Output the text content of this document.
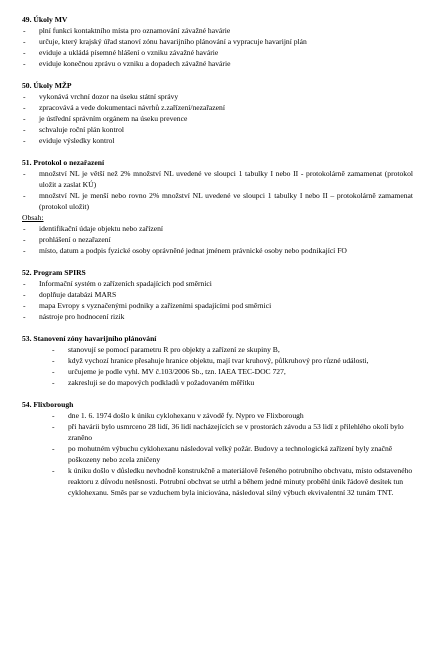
49. Úkoly MV
- plní funkci kontaktního místa pro oznamování závažné havárie
- určuje, který krajský úřad stanoví zónu havarijního plánování a vypracuje havarijní plán
- eviduje a ukládá písemné hlášení o vzniku závažné havárie
- eviduje konečnou zprávu o vzniku a dopadech závažné havárie
50. Úkoly MŽP
- vykonává vrchní dozor na úseku státní správy
- zpracovává a vede dokumentaci návrhů z.zařízení/nezařazení
- je ústřední správním orgánem na úseku prevence
- schvaluje roční plán kontrol
- eviduje výsledky kontrol
51. Protokol o nezařazení
- množství NL je větší než 2% množství NL uvedené ve sloupci 1 tabulky I nebo II - protokolárně zamamenat (protokol uložit a zaslat KÚ)
- množství NL je menší nebo rovno 2% množství NL uvedené ve sloupci 1 tabulky I nebo II – protokolárně zamamenat (protokol uložit)
Obsah:
- identifikační údaje objektu nebo zařízení
- prohlášení o nezařazení
- místo, datum a podpis fyzické osoby oprávněné jednat jménem právnické osoby nebo podnikající FO
52. Program SPIRS
- Informační systém o zařízeních spadajících pod směrnici
- doplňuje databázi MARS
- mapa Evropy s vyznačenými podniky a zařízeními spadajícími pod směrnici
- nástroje pro hodnocení rizik
53. Stanovení zóny havarijního plánování
- stanovují se pomocí parametru R pro objekty a zařízení ze skupiny B,
- když vychozí hranice přesahuje hranice objektu, mají tvar kruhový, půlkruhový pro různé události,
- určujeme je podle vyhl. MV č.103/2006 Sb., tzn. IAEA TEC-DOC 727,
- zakresluji se do mapových podkladů v požadovaném měřítku
54. Flixborough
- dne 1. 6. 1974 došlo k úniku cyklohexanu v závodě fy. Nypro ve Flixborough
- při havárii bylo usmrceno 28 lidí, 36 lidí nacházejících se v prostorách závodu a 53 lidí z přilehlého okolí bylo zraněno
- po mohutném výbuchu cyklohexanu následoval velký požár. Budovy a technologická zařízení byly značně poškozeny nebo zcela zničeny
- k úniku došlo v důsledku nevhodně konstrukčně a materiálově řešeného potrubního obchvatu, místo odstaveného reaktoru z důvodu netěsnosti. Potrubní obchvat se utrhl a během jedné minuty proběhl únik řádově desítek tun cyklohexanu. Směs par se vzduchem byla iniciována, následoval silný výbuch ekvivalentní 32 tunám TNT.
